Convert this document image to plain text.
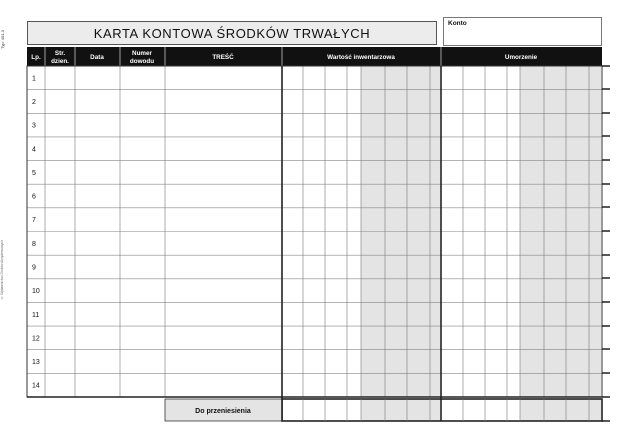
Typ: 401-3
© Wydawnictwo Druków Akcydensowych
KARTA KONTOWA ŚRODKÓW TRWAŁYCH
Konto
Lp.
Str.
dzien.
Data
Numer
dowodu
TREŚĆ	Wartość inwentarzowa	Umorzenie
1
2
3
4
5
6
7
8
9
10
11
12
13
14
Do przeniesienia
